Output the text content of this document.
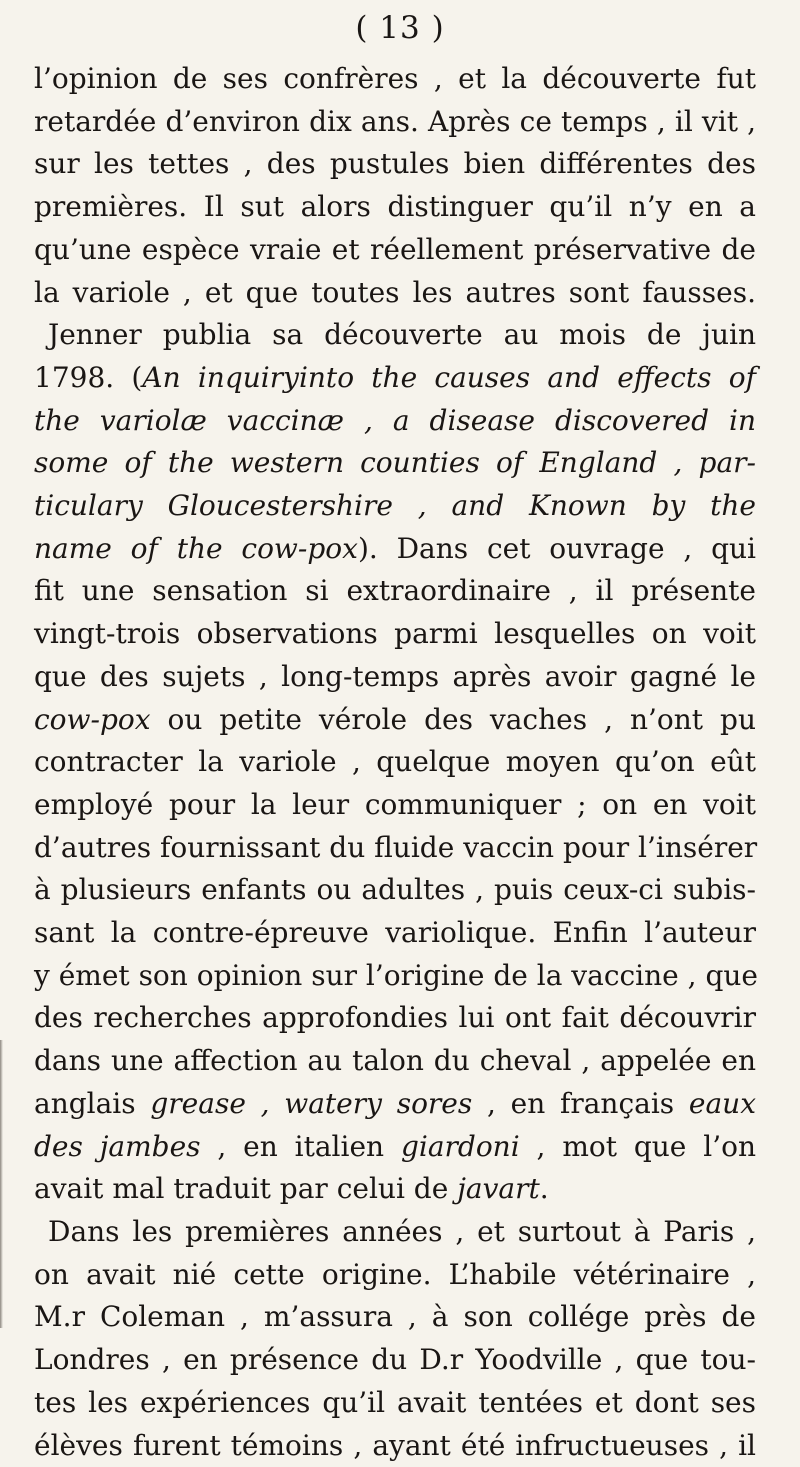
( 13 )
l’opinion de ses confrères , et la découverte fut
retardée d’environ dix ans. Après ce temps , il vit ,
sur les tettes , des pustules bien différentes des
premières. Il sut alors distinguer qu’il n’y en a
qu’une espèce vraie et réellement préservative de
la variole , et que toutes les autres sont fausses.
Jenner publia sa découverte au mois de juin
1798. (An inquiryinto the causes and effects of
the variolæ vaccinæ , a disease discovered in
some of the western counties of England , par-
ticulary Gloucestershire , and Known by the
name of the cow-pox). Dans cet ouvrage , qui
fit une sensation si extraordinaire , il présente
vingt-trois observations parmi lesquelles on voit
que des sujets , long-temps après avoir gagné le
cow-pox ou petite vérole des vaches , n’ont pu
contracter la variole , quelque moyen qu’on eût
employé pour la leur communiquer ; on en voit
d’autres fournissant du fluide vaccin pour l’insérer
à plusieurs enfants ou adultes , puis ceux-ci subis-
sant la contre-épreuve variolique. Enfin l’auteur
y émet son opinion sur l’origine de la vaccine , que
des recherches approfondies lui ont fait découvrir
dans une affection au talon du cheval , appelée en
anglais grease , watery sores , en français eaux
des jambes , en italien giardoni , mot que l’on
avait mal traduit par celui de javart.
Dans les premières années , et surtout à Paris ,
on avait nié cette origine. L’habile vétérinaire ,
M.r Coleman , m’assura , à son collége près de
Londres , en présence du D.r Yoodville , que tou-
tes les expériences qu’il avait tentées et dont ses
élèves furent témoins , ayant été infructueuses , il
